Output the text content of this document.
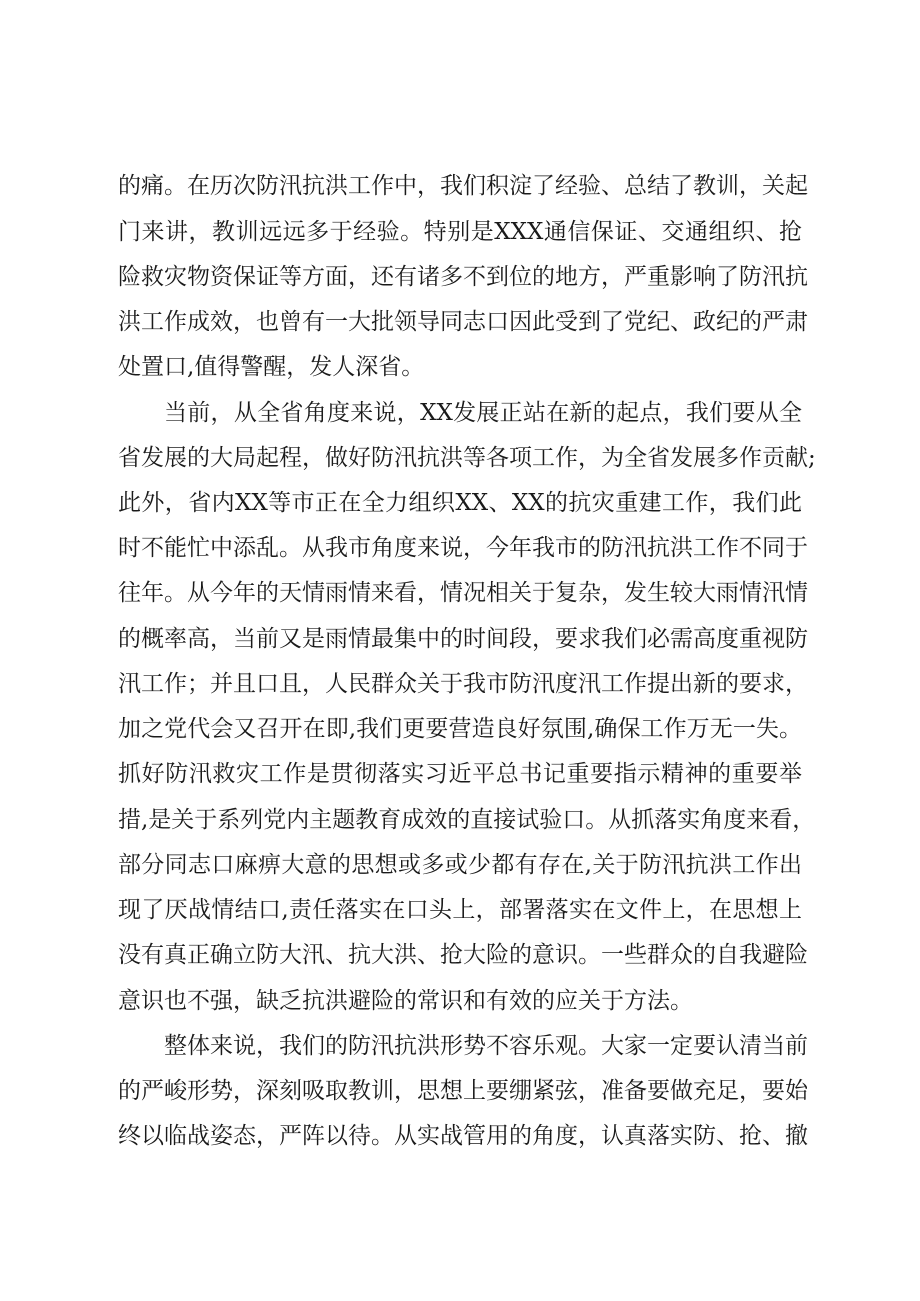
的痛。在历次防汛抗洪工作中，我们积淀了经验、总结了教训，关起
门来讲，教训远远多于经验。特别是XXX通信保证、交通组织、抢
险救灾物资保证等方面，还有诸多不到位的地方，严重影响了防汛抗
洪工作成效，也曾有一大批领导同志口因此受到了党纪、政纪的严肃
处置口,值得警醒，发人深省。
当前，从全省角度来说，XX发展正站在新的起点，我们要从全
省发展的大局起程，做好防汛抗洪等各项工作，为全省发展多作贡献;
此外，省内XX等市正在全力组织XX、XX的抗灾重建工作，我们此
时不能忙中添乱。从我市角度来说，今年我市的防汛抗洪工作不同于
往年。从今年的天情雨情来看，情况相关于复杂，发生较大雨情汛情
的概率高，当前又是雨情最集中的时间段，要求我们必需高度重视防
汛工作；并且口且，人民群众关于我市防汛度汛工作提出新的要求，
加之党代会又召开在即,我们更要营造良好氛围,确保工作万无一失。
抓好防汛救灾工作是贯彻落实习近平总书记重要指示精神的重要举
措,是关于系列党内主题教育成效的直接试验口。从抓落实角度来看，
部分同志口麻痹大意的思想或多或少都有存在,关于防汛抗洪工作出
现了厌战情结口,责任落实在口头上，部署落实在文件上，在思想上
没有真正确立防大汛、抗大洪、抢大险的意识。一些群众的自我避险
意识也不强，缺乏抗洪避险的常识和有效的应关于方法。
整体来说，我们的防汛抗洪形势不容乐观。大家一定要认清当前
的严峻形势，深刻吸取教训，思想上要绷紧弦，准备要做充足，要始
终以临战姿态，严阵以待。从实战管用的角度，认真落实防、抢、撤
